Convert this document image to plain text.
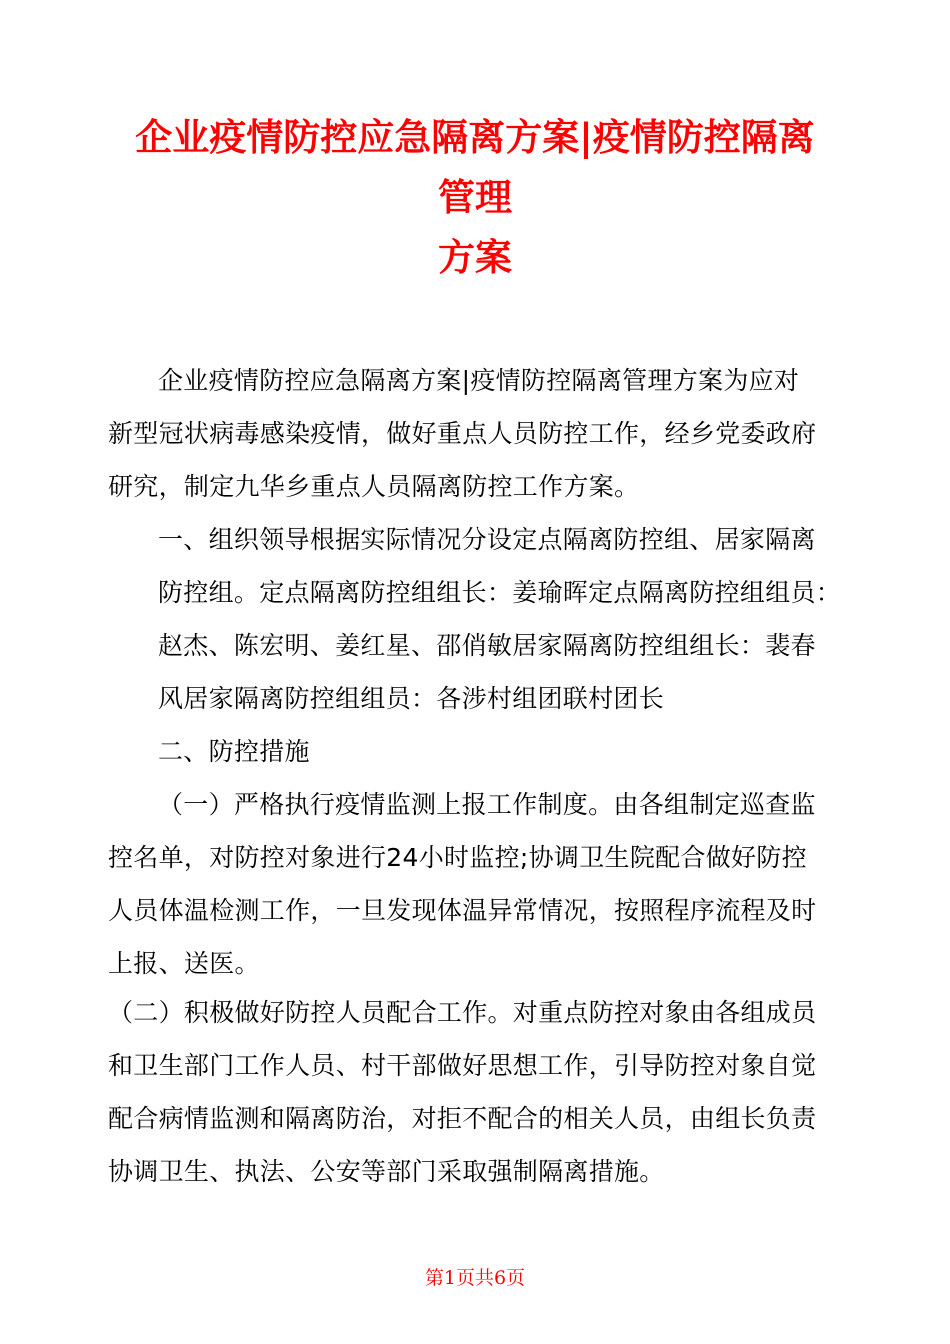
企业疫情防控应急隔离方案|疫情防控隔离
管理
方案
企业疫情防控应急隔离方案|疫情防控隔离管理方案为应对
新型冠状病毒感染疫情，做好重点人员防控工作，经乡党委政府
研究，制定九华乡重点人员隔离防控工作方案。
一、组织领导根据实际情况分设定点隔离防控组、居家隔离
防控组。定点隔离防控组组长：姜瑜晖定点隔离防控组组员：
赵杰、陈宏明、姜红星、邵俏敏居家隔离防控组组长：裴春
风居家隔离防控组组员：各涉村组团联村团长
二、防控措施
（一）严格执行疫情监测上报工作制度。由各组制定巡查监
控名单，对防控对象进行24小时监控;协调卫生院配合做好防控
人员体温检测工作，一旦发现体温异常情况，按照程序流程及时
上报、送医。
（二）积极做好防控人员配合工作。对重点防控对象由各组成员
和卫生部门工作人员、村干部做好思想工作，引导防控对象自觉
配合病情监测和隔离防治，对拒不配合的相关人员，由组长负责
协调卫生、执法、公安等部门采取强制隔离措施。
第1页共6页
